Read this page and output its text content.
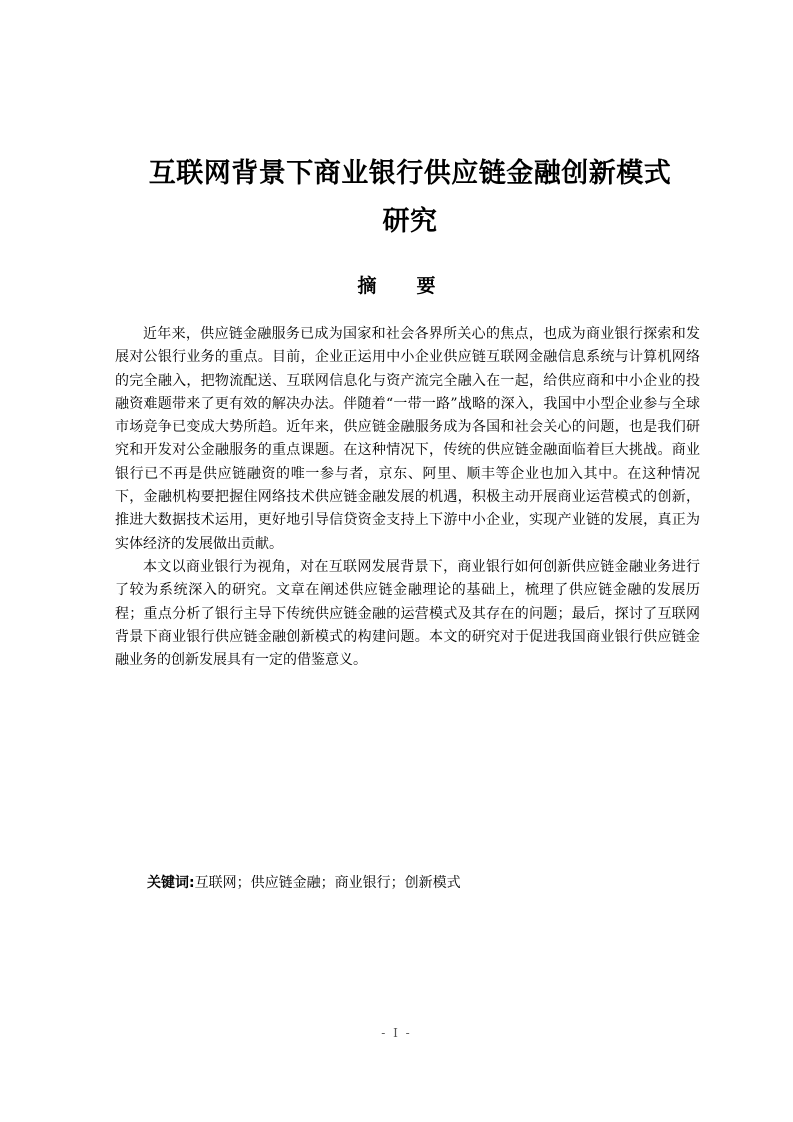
互联网背景下商业银行供应链金融创新模式
研究
摘 要

近年来，供应链金融服务已成为国家和社会各界所关心的焦点，也成为商业银行探索和发展对公银行业务的重点。目前，企业正运用中小企业供应链互联网金融信息系统与计算机网络的完全融入，把物流配送、互联网信息化与资产流完全融入在一起，给供应商和中小企业的投融资难题带来了更有效的解决办法。伴随着“一带一路”战略的深入，我国中小型企业参与全球市场竞争已变成大势所趋。近年来，供应链金融服务成为各国和社会关心的问题，也是我们研究和开发对公金融服务的重点课题。在这种情况下，传统的供应链金融面临着巨大挑战。商业银行已不再是供应链融资的唯一参与者，京东、阿里、顺丰等企业也加入其中。在这种情况下，金融机构要把握住网络技术供应链金融发展的机遇，积极主动开展商业运营模式的创新，推进大数据技术运用，更好地引导信贷资金支持上下游中小企业，实现产业链的发展，真正为实体经济的发展做出贡献。

本文以商业银行为视角，对在互联网发展背景下，商业银行如何创新供应链金融业务进行了较为系统深入的研究。文章在阐述供应链金融理论的基础上，梳理了供应链金融的发展历程；重点分析了银行主导下传统供应链金融的运营模式及其存在的问题；最后，探讨了互联网背景下商业银行供应链金融创新模式的构建问题。本文的研究对于促进我国商业银行供应链金融业务的创新发展具有一定的借鉴意义。

关键词:互联网；供应链金融；商业银行；创新模式
- I -
